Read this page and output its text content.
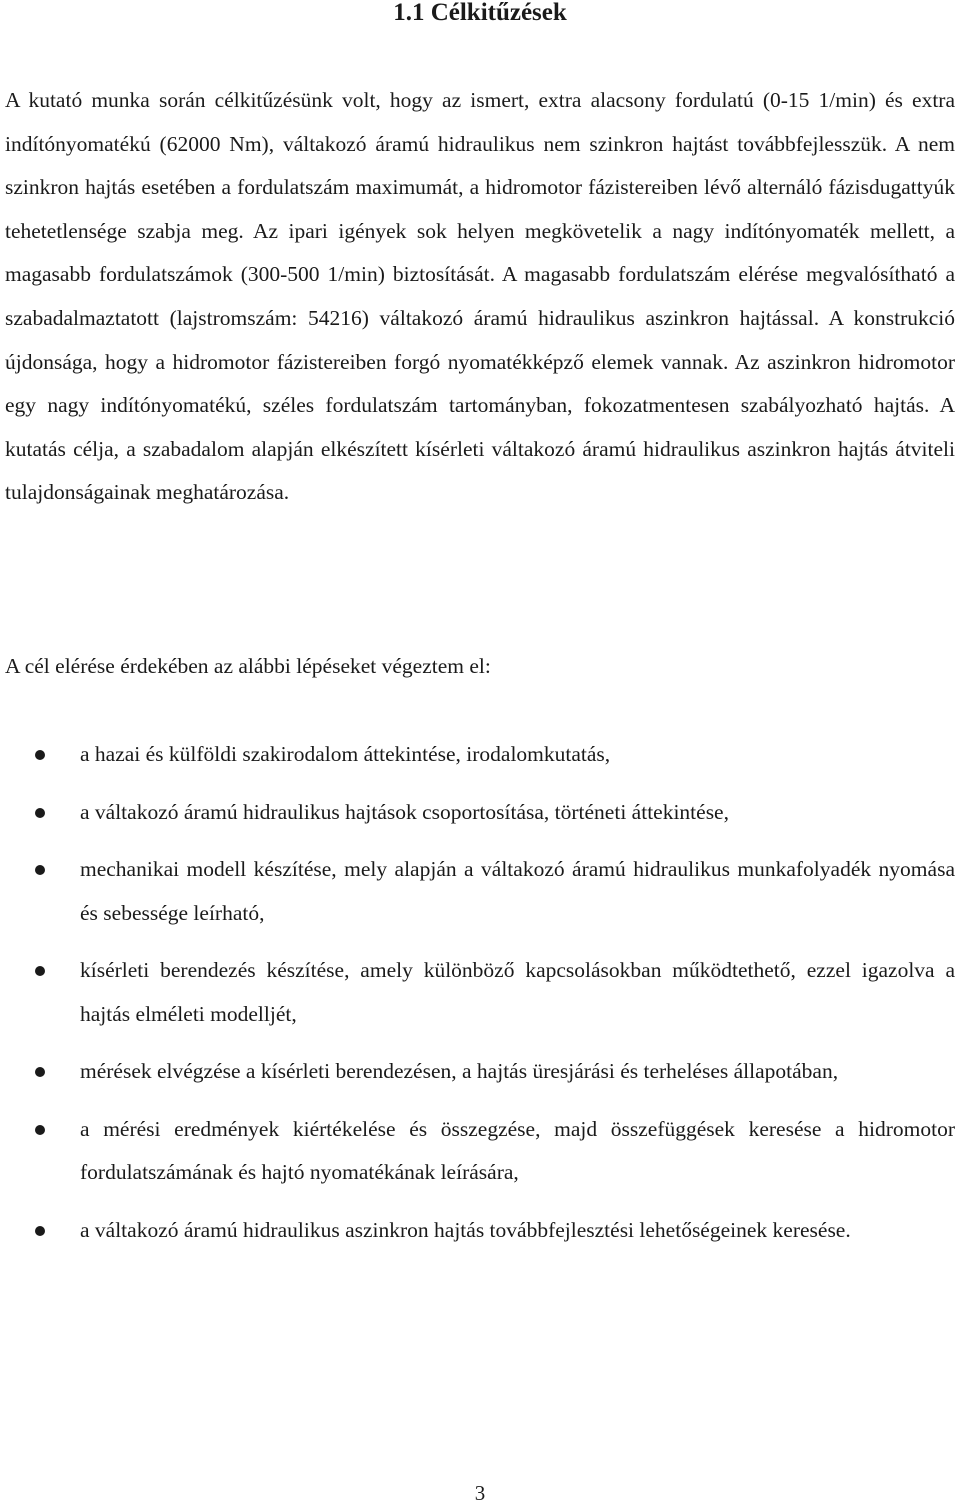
1.1 Célkitűzések

A kutató munka során célkitűzésünk volt, hogy az ismert, extra alacsony fordulatú (0-15 1/min) és extra indítónyomatékú (62000 Nm), váltakozó áramú hidraulikus nem szinkron hajtást továbbfejlesszük. A nem szinkron hajtás esetében a fordulatszám maximumát, a hidromotor fázistereiben lévő alternáló fázisdugattyúk tehetetlensége szabja meg. Az ipari igények sok helyen megkövetelik a nagy indítónyomaték mellett, a magasabb fordulatszámok (300-500 1/min) biztosítását. A magasabb fordulatszám elérése megvalósítható a szabadalmaztatott (lajstromszám: 54216) váltakozó áramú hidraulikus aszinkron hajtással. A konstrukció újdonsága, hogy a hidromotor fázistereiben forgó nyomatékképző elemek vannak. Az aszinkron hidromotor egy nagy indítónyomatékú, széles fordulatszám tartományban, fokozatmentesen szabályozható hajtás. A kutatás célja, a szabadalom alapján elkészített kísérleti váltakozó áramú hidraulikus aszinkron hajtás átviteli tulajdonságainak meghatározása.

A cél elérése érdekében az alábbi lépéseket végeztem el:

a hazai és külföldi szakirodalom áttekintése, irodalomkutatás,
a váltakozó áramú hidraulikus hajtások csoportosítása, történeti áttekintése,
mechanikai modell készítése, mely alapján a váltakozó áramú hidraulikus munkafolyadék nyomása és sebessége leírható,
kísérleti berendezés készítése, amely különböző kapcsolásokban működtethető, ezzel igazolva a hajtás elméleti modelljét,
mérések elvégzése a kísérleti berendezésen, a hajtás üresjárási és terheléses állapotában,
a mérési eredmények kiértékelése és összegzése, majd összefüggések keresése a hidromotor fordulatszámának és hajtó nyomatékának leírására,
a váltakozó áramú hidraulikus aszinkron hajtás továbbfejlesztési lehetőségeinek keresése.
3
